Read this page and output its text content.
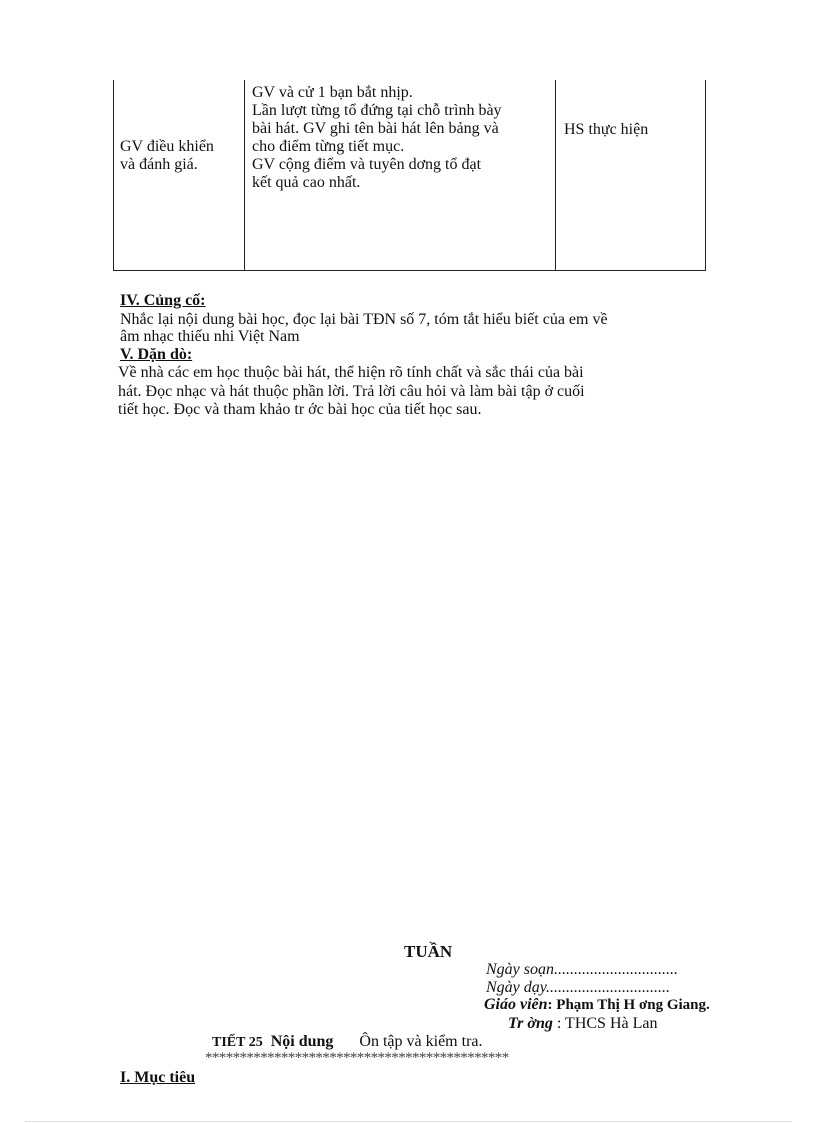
GV điều khiển
và đánh giá.
GV và cử 1 bạn bắt nhịp.
Lần lượt từng tổ đứng tại chỗ trình bày
bài hát. GV ghi tên bài hát lên bảng và
cho điểm từng tiết mục.
GV cộng điểm và tuyên dơng tổ đạt
kết quả cao nhất.
HS thực hiện
IV. Củng cố:
Nhắc lại nội dung bài học, đọc lại bài TĐN số 7, tóm tắt hiểu biết của em về
âm nhạc thiếu nhi Việt Nam
V. Dặn dò:
Về nhà các em học thuộc bài hát, thể hiện rõ tính chất và sắc thái của bài
hát. Đọc nhạc và hát thuộc phần lời. Trả lời câu hỏi và làm bài tập ở cuối
tiết học. Đọc và tham khảo tr ớc bài học của tiết học sau.
TUẦN
Ngày soạn...............................
Ngày dạy...............................
Giáo viên: Phạm Thị H ơng Giang.
Tr ờng : THCS Hà Lan
TIẾT 25 Nội dung Ôn tập và kiểm tra.
********************************************
I. Mục tiêu
